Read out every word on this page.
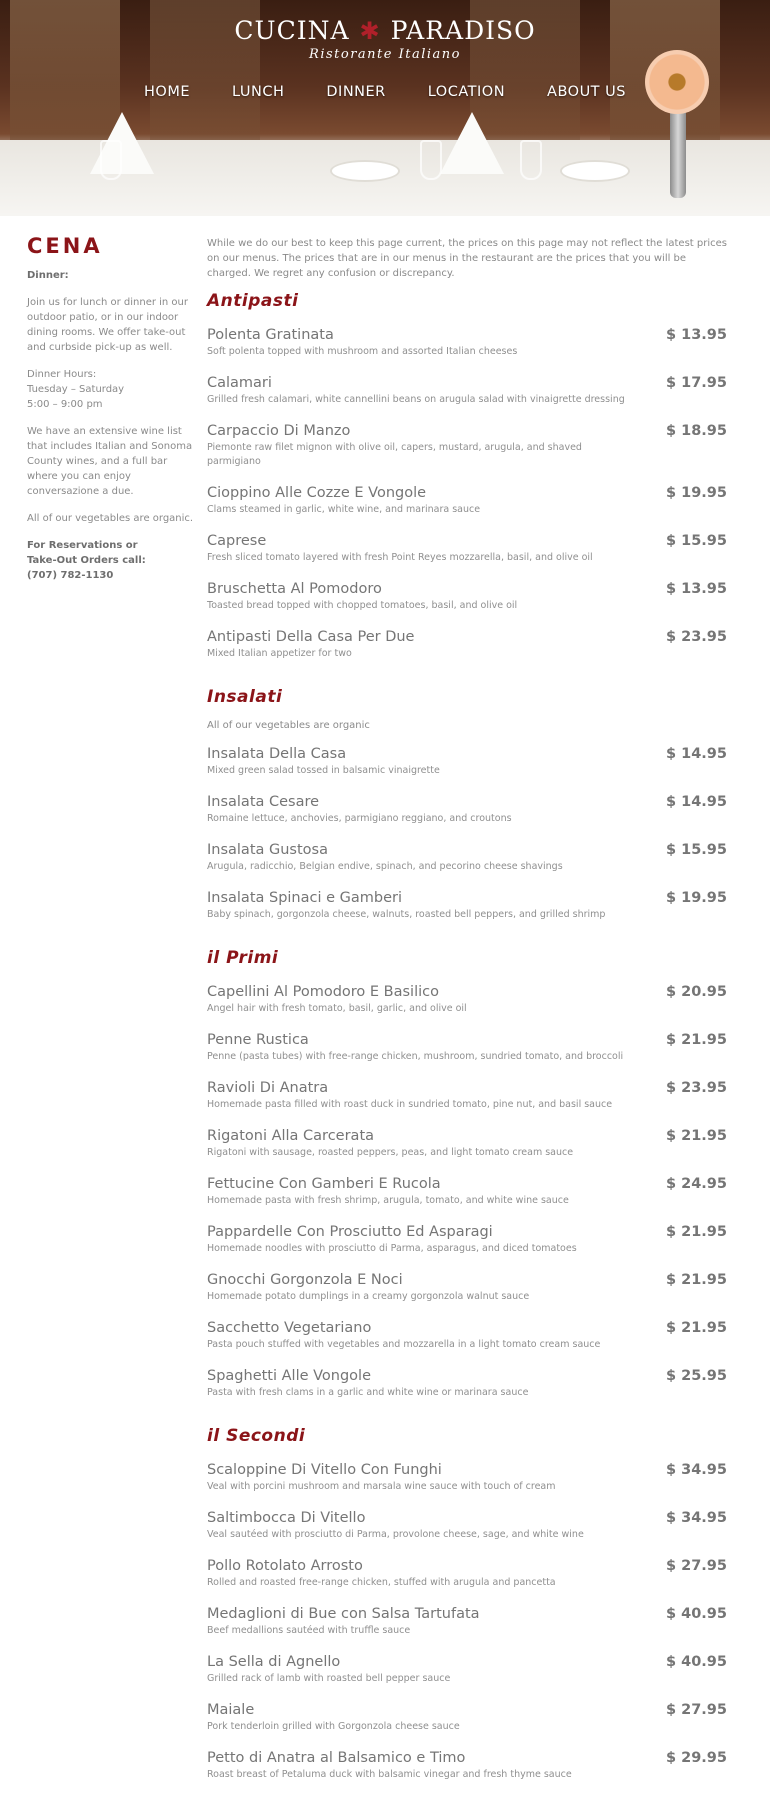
CUCINA ✱ PARADISO
Ristorante Italiano
HOME	LUNCH	DINNER	LOCATION	ABOUT US
CENA
Dinner:
Join us for lunch or dinner in our outdoor patio, or in our indoor dining rooms. We offer take-out and curbside pick-up as well.
Dinner Hours:
Tuesday – Saturday
5:00 – 9:00 pm
We have an extensive wine list that includes Italian and Sonoma County wines, and a full bar where you can enjoy conversazione a due.
All of our vegetables are organic.
For Reservations or
Take-Out Orders call:
(707) 782-1130

While we do our best to keep this page current, the prices on this page may not reflect the latest prices on our menus. The prices that are in our menus in the restaurant are the prices that you will be charged. We regret any confusion or discrepancy.

Antipasti
Polenta Gratinata
Soft polenta topped with mushroom and assorted Italian cheeses
$ 13.95
Calamari
Grilled fresh calamari, white cannellini beans on arugula salad with vinaigrette dressing
$ 17.95
Carpaccio Di Manzo
Piemonte raw filet mignon with olive oil, capers, mustard, arugula, and shaved parmigiano
$ 18.95
Cioppino Alle Cozze E Vongole
Clams steamed in garlic, white wine, and marinara sauce
$ 19.95
Caprese
Fresh sliced tomato layered with fresh Point Reyes mozzarella, basil, and olive oil
$ 15.95
Bruschetta Al Pomodoro
Toasted bread topped with chopped tomatoes, basil, and olive oil
$ 13.95
Antipasti Della Casa Per Due
Mixed Italian appetizer for two
$ 23.95
Insalati
All of our vegetables are organic
Insalata Della Casa
Mixed green salad tossed in balsamic vinaigrette
$ 14.95
Insalata Cesare
Romaine lettuce, anchovies, parmigiano reggiano, and croutons
$ 14.95
Insalata Gustosa
Arugula, radicchio, Belgian endive, spinach, and pecorino cheese shavings
$ 15.95
Insalata Spinaci e Gamberi
Baby spinach, gorgonzola cheese, walnuts, roasted bell peppers, and grilled shrimp
$ 19.95
il Primi
Capellini Al Pomodoro E Basilico
Angel hair with fresh tomato, basil, garlic, and olive oil
$ 20.95
Penne Rustica
Penne (pasta tubes) with free-range chicken, mushroom, sundried tomato, and broccoli
$ 21.95
Ravioli Di Anatra
Homemade pasta filled with roast duck in sundried tomato, pine nut, and basil sauce
$ 23.95
Rigatoni Alla Carcerata
Rigatoni with sausage, roasted peppers, peas, and light tomato cream sauce
$ 21.95
Fettucine Con Gamberi E Rucola
Homemade pasta with fresh shrimp, arugula, tomato, and white wine sauce
$ 24.95
Pappardelle Con Prosciutto Ed Asparagi
Homemade noodles with prosciutto di Parma, asparagus, and diced tomatoes
$ 21.95
Gnocchi Gorgonzola E Noci
Homemade potato dumplings in a creamy gorgonzola walnut sauce
$ 21.95
Sacchetto Vegetariano
Pasta pouch stuffed with vegetables and mozzarella in a light tomato cream sauce
$ 21.95
Spaghetti Alle Vongole
Pasta with fresh clams in a garlic and white wine or marinara sauce
$ 25.95
il Secondi
Scaloppine Di Vitello Con Funghi
Veal with porcini mushroom and marsala wine sauce with touch of cream
$ 34.95
Saltimbocca Di Vitello
Veal sautéed with prosciutto di Parma, provolone cheese, sage, and white wine
$ 34.95
Pollo Rotolato Arrosto
Rolled and roasted free-range chicken, stuffed with arugula and pancetta
$ 27.95
Medaglioni di Bue con Salsa Tartufata
Beef medallions sautéed with truffle sauce
$ 40.95
La Sella di Agnello
Grilled rack of lamb with roasted bell pepper sauce
$ 40.95
Maiale
Pork tenderloin grilled with Gorgonzola cheese sauce
$ 27.95
Petto di Anatra al Balsamico e Timo
Roast breast of Petaluma duck with balsamic vinegar and fresh thyme sauce
$ 29.95
